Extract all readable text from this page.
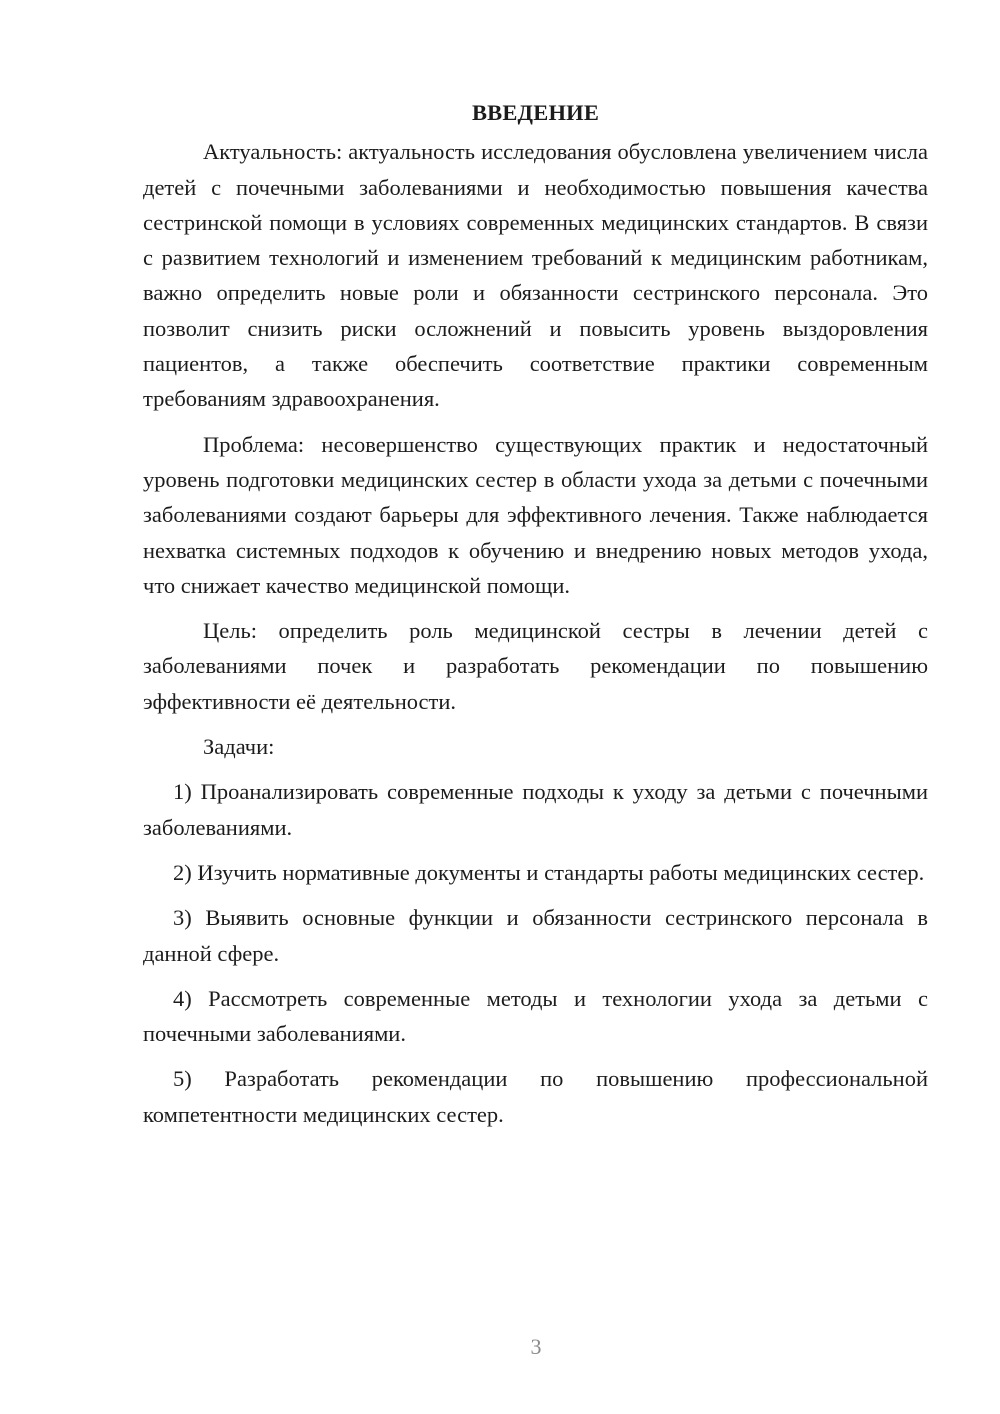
ВВЕДЕНИЕ

Актуальность: актуальность исследования обусловлена увеличением числа детей с почечными заболеваниями и необходимостью повышения качества сестринской помощи в условиях современных медицинских стандартов. В связи с развитием технологий и изменением требований к медицинским работникам, важно определить новые роли и обязанности сестринского персонала. Это позволит снизить риски осложнений и повысить уровень выздоровления пациентов, а также обеспечить соответствие практики современным требованиям здравоохранения.

Проблема: несовершенство существующих практик и недостаточный уровень подготовки медицинских сестер в области ухода за детьми с почечными заболеваниями создают барьеры для эффективного лечения. Также наблюдается нехватка системных подходов к обучению и внедрению новых методов ухода, что снижает качество медицинской помощи.

Цель: определить роль медицинской сестры в лечении детей с заболеваниями почек и разработать рекомендации по повышению эффективности её деятельности.

Задачи:

1) Проанализировать современные подходы к уходу за детьми с почечными заболеваниями.

2) Изучить нормативные документы и стандарты работы медицинских сестер.

3) Выявить основные функции и обязанности сестринского персонала в данной сфере.

4) Рассмотреть современные методы и технологии ухода за детьми с почечными заболеваниями.

5) Разработать рекомендации по повышению профессиональной компетентности медицинских сестер.

3
